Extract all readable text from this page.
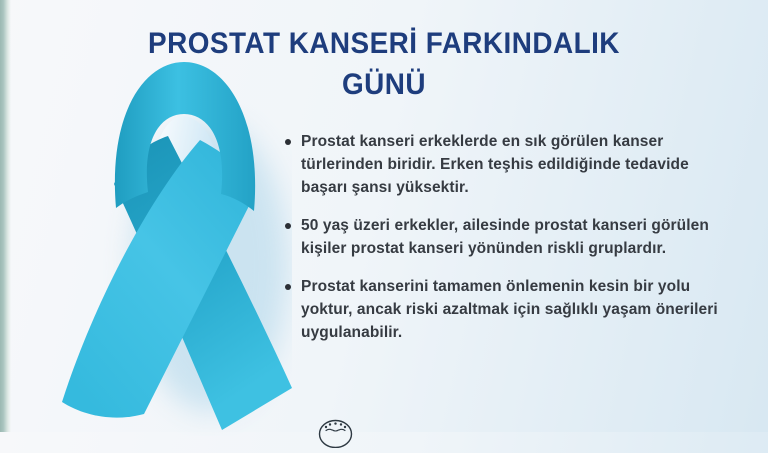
PROSTAT KANSERİ FARKINDALIK
GÜNÜ
Prostat kanseri erkeklerde en sık görülen kanser türlerinden biridir. Erken teşhis edildiğinde tedavide başarı şansı yüksektir.
50 yaş üzeri erkekler, ailesinde prostat kanseri görülen kişiler prostat kanseri yönünden riskli gruplardır.
Prostat kanserini tamamen önlemenin kesin bir yolu yoktur, ancak riski azaltmak için sağlıklı yaşam önerileri uygulanabilir.
